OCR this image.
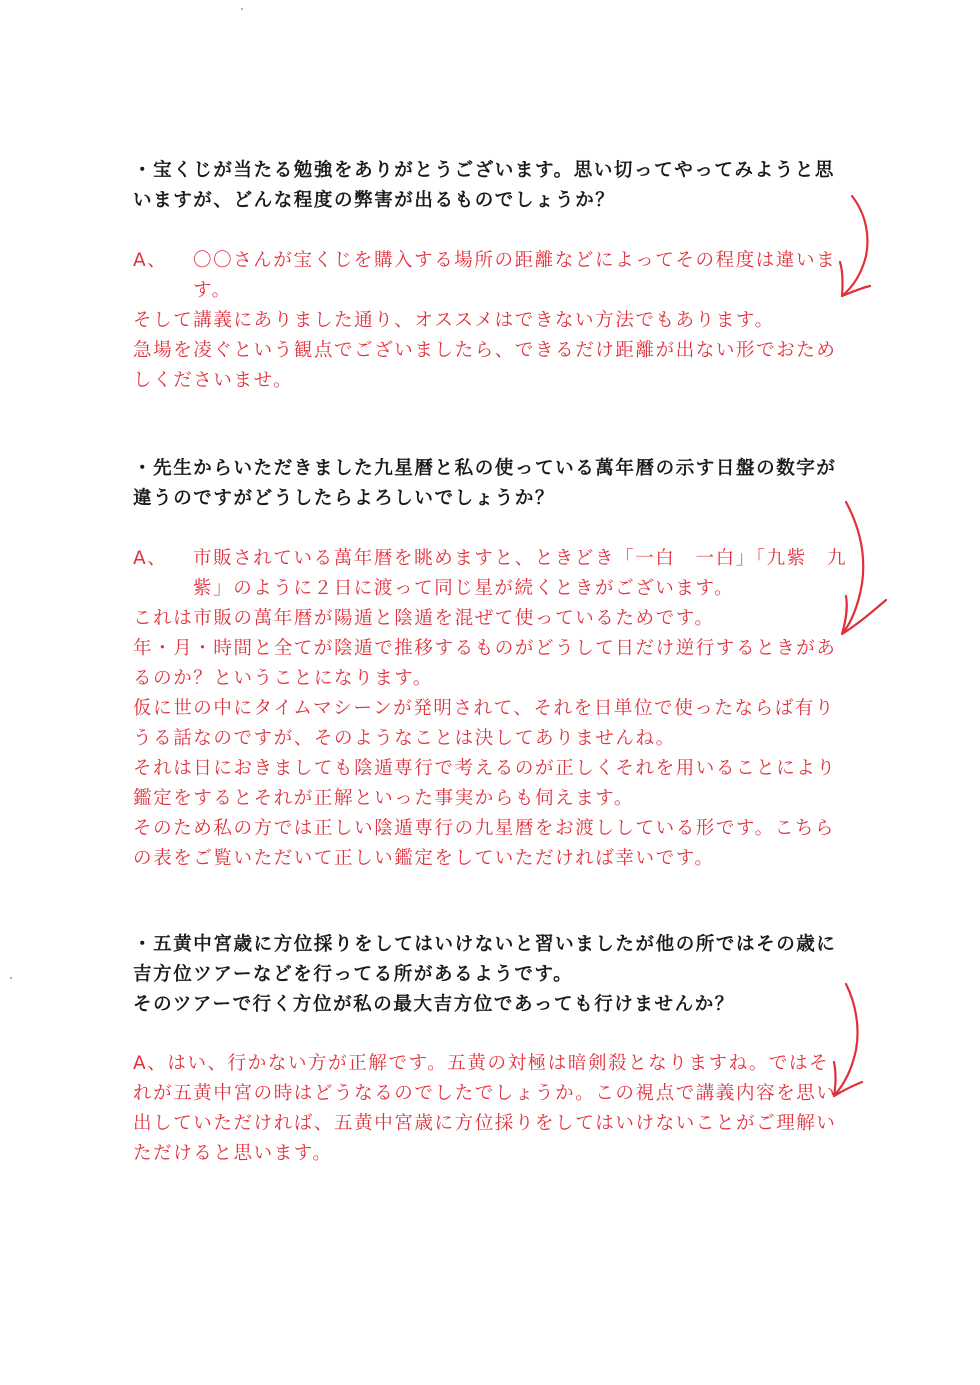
・宝くじが当たる勉強をありがとうございます。思い切ってやってみようと思
いますが、どんな程度の弊害が出るものでしょうか？
A、 〇〇さんが宝くじを購入する場所の距離などによってその程度は違いま
す。
そして講義にありました通り、オススメはできない方法でもあります。
急場を凌ぐという観点でございましたら、できるだけ距離が出ない形でおため
しくださいませ。
・先生からいただきました九星暦と私の使っている萬年暦の示す日盤の数字が
違うのですがどうしたらよろしいでしょうか？
A、 市販されている萬年暦を眺めますと、ときどき「一白　一白」「九紫　九
紫」のように２日に渡って同じ星が続くときがございます。
これは市販の萬年暦が陽遁と陰遁を混ぜて使っているためです。
年・月・時間と全てが陰遁で推移するものがどうして日だけ逆行するときがあ
るのか？ということになります。
仮に世の中にタイムマシーンが発明されて、それを日単位で使ったならば有り
うる話なのですが、そのようなことは決してありませんね。
それは日におきましても陰遁専行で考えるのが正しくそれを用いることにより
鑑定をするとそれが正解といった事実からも伺えます。
そのため私の方では正しい陰遁専行の九星暦をお渡ししている形です。こちら
の表をご覧いただいて正しい鑑定をしていただければ幸いです。
・五黄中宮歳に方位採りをしてはいけないと習いましたが他の所ではその歳に
吉方位ツアーなどを行ってる所があるようです。
そのツアーで行く方位が私の最大吉方位であっても行けませんか？
A、はい、行かない方が正解です。五黄の対極は暗剣殺となりますね。ではそ
れが五黄中宮の時はどうなるのでしたでしょうか。この視点で講義内容を思い
出していただければ、五黄中宮歳に方位採りをしてはいけないことがご理解い
ただけると思います。
